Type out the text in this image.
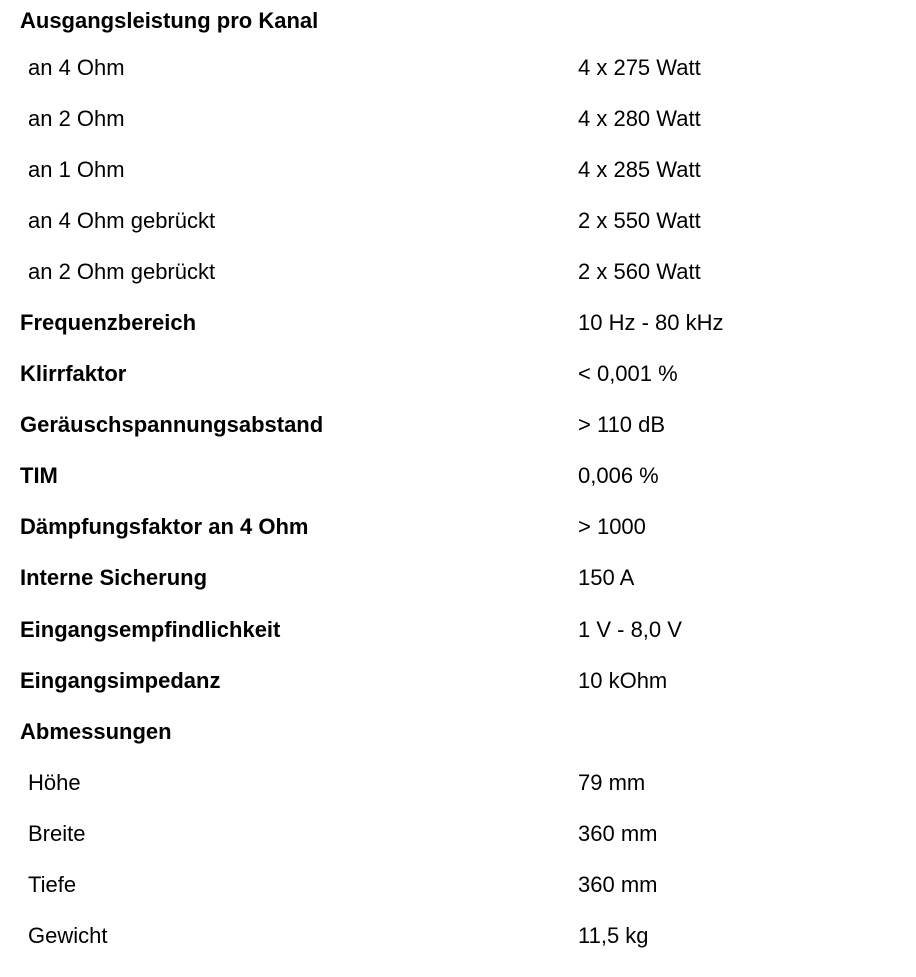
Ausgangsleistung pro Kanal
an 4 Ohm	4 x 275 Watt
an 2 Ohm	4 x 280 Watt
an 1 Ohm	4 x 285 Watt
an 4 Ohm gebrückt	2 x 550 Watt
an 2 Ohm gebrückt	2 x 560 Watt
Frequenzbereich	10 Hz - 80 kHz
Klirrfaktor	< 0,001 %
Geräuschspannungsabstand	> 110 dB
TIM	0,006 %
Dämpfungsfaktor an 4 Ohm	> 1000
Interne Sicherung	150 A
Eingangsempfindlichkeit	1 V - 8,0 V
Eingangsimpedanz	10 kOhm
Abmessungen
Höhe	79 mm
Breite	360 mm
Tiefe	360 mm
Gewicht	11,5 kg
